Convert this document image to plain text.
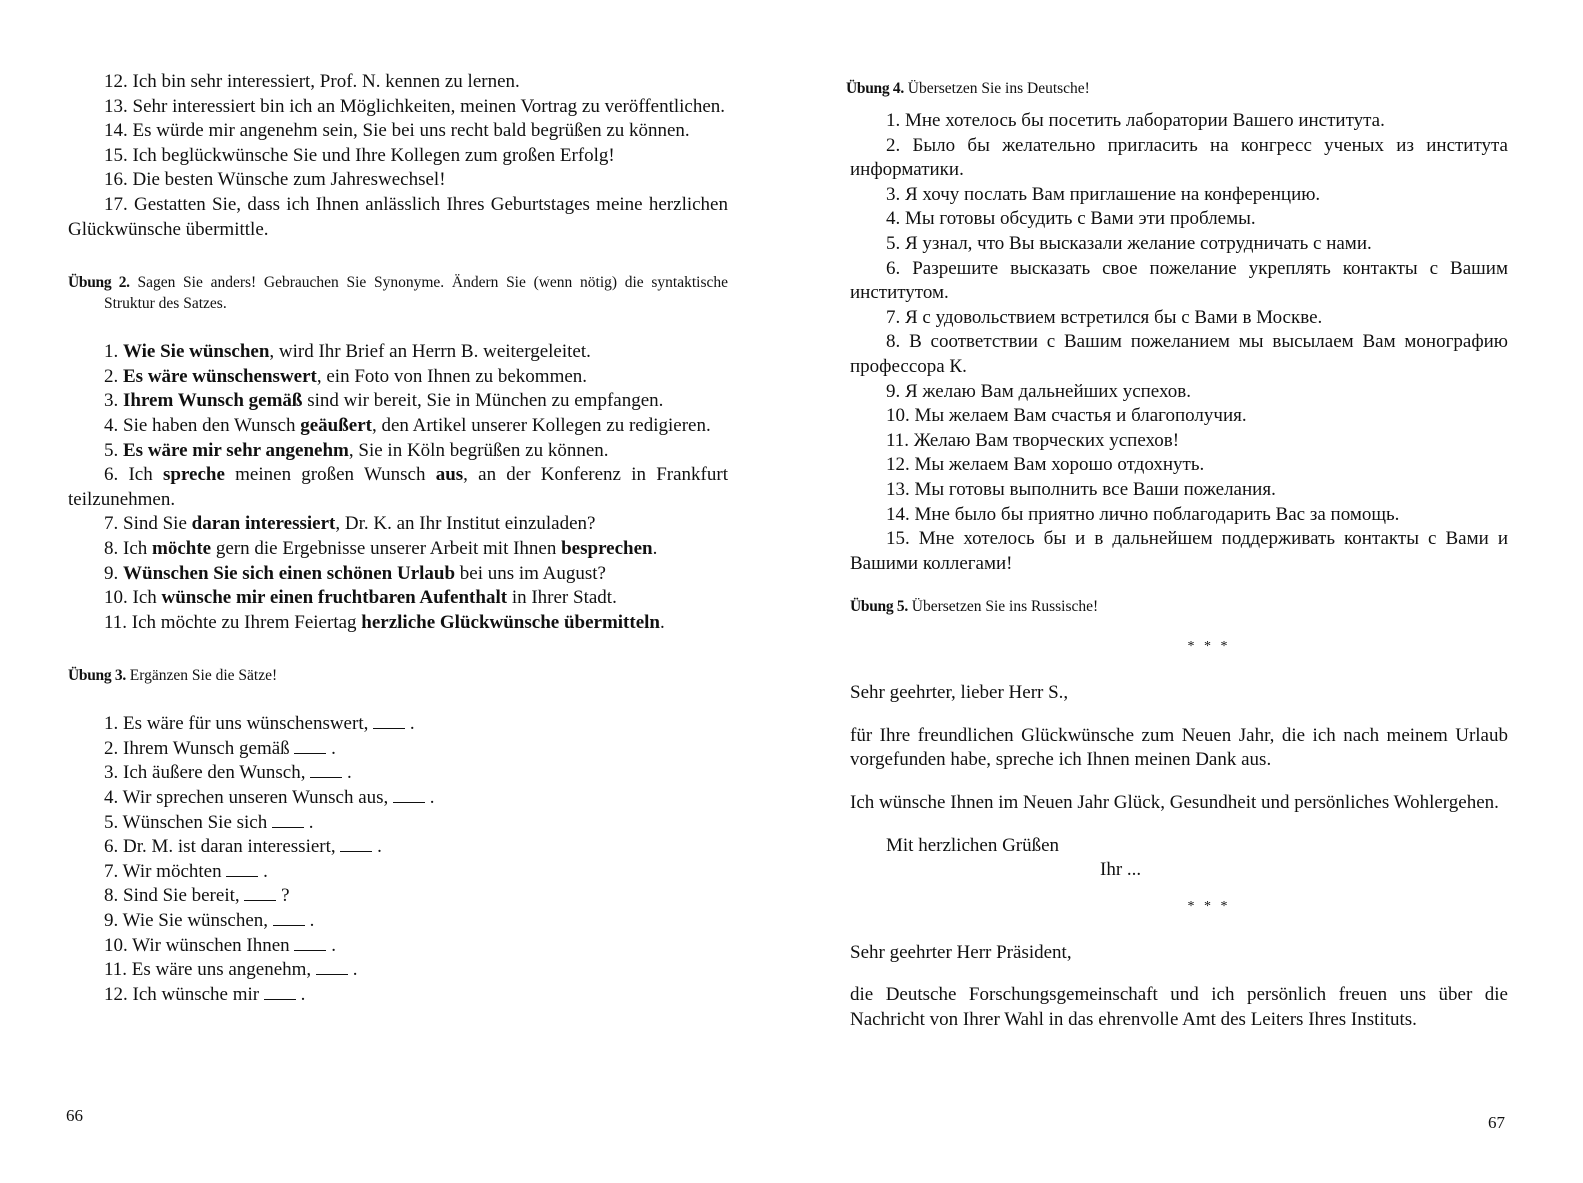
12. Ich bin sehr interessiert, Prof. N. kennen zu lernen.

13. Sehr interessiert bin ich an Möglichkeiten, meinen Vortrag zu veröffentlichen.

14. Es würde mir angenehm sein, Sie bei uns recht bald begrüßen zu können.

15. Ich beglückwünsche Sie und Ihre Kollegen zum großen Erfolg!

16. Die besten Wünsche zum Jahreswechsel!

17. Gestatten Sie, dass ich Ihnen anlässlich Ihres Geburtstages meine herzlichen Glückwünsche übermittle.

Übung 2. Sagen Sie anders! Gebrauchen Sie Synonyme. Ändern Sie (wenn nötig) die syntaktische Struktur des Satzes.

1. Wie Sie wünschen, wird Ihr Brief an Herrn B. weitergeleitet.

2. Es wäre wünschenswert, ein Foto von Ihnen zu bekommen.

3. Ihrem Wunsch gemäß sind wir bereit, Sie in München zu empfangen.

4. Sie haben den Wunsch geäußert, den Artikel unserer Kollegen zu redigieren.

5. Es wäre mir sehr angenehm, Sie in Köln begrüßen zu können.

6. Ich spreche meinen großen Wunsch aus, an der Konferenz in Frankfurt teilzunehmen.

7. Sind Sie daran interessiert, Dr. K. an Ihr Institut einzuladen?

8. Ich möchte gern die Ergebnisse unserer Arbeit mit Ihnen besprechen.

9. Wünschen Sie sich einen schönen Urlaub bei uns im August?

10. Ich wünsche mir einen fruchtbaren Aufenthalt in Ihrer Stadt.

11. Ich möchte zu Ihrem Feiertag herzliche Glückwünsche übermitteln.

Übung 3. Ergänzen Sie die Sätze!

1. Es wäre für uns wünschenswert, .

2. Ihrem Wunsch gemäß .

3. Ich äußere den Wunsch, .

4. Wir sprechen unseren Wunsch aus, .

5. Wünschen Sie sich .

6. Dr. M. ist daran interessiert, .

7. Wir möchten .

8. Sind Sie bereit, ?

9. Wie Sie wünschen, .

10. Wir wünschen Ihnen .

11. Es wäre uns angenehm, .

12. Ich wünsche mir .

66

Übung 4. Übersetzen Sie ins Deutsche!

1. Мне хотелось бы посетить лаборатории Вашего института.

2. Было бы желательно пригласить на конгресс ученых из института информатики.

3. Я хочу послать Вам приглашение на конференцию.

4. Мы готовы обсудить с Вами эти проблемы.

5. Я узнал, что Вы высказали желание сотрудничать с нами.

6. Разрешите высказать свое пожелание укреплять контакты с Вашим институтом.

7. Я с удовольствием встретился бы с Вами в Москве.

8. В соответствии с Вашим пожеланием мы высылаем Вам монографию профессора К.

9. Я желаю Вам дальнейших успехов.

10. Мы желаем Вам счастья и благополучия.

11. Желаю Вам творческих успехов!

12. Мы желаем Вам хорошо отдохнуть.

13. Мы готовы выполнить все Ваши пожелания.

14. Мне было бы приятно лично поблагодарить Вас за помощь.

15. Мне хотелось бы и в дальнейшем поддерживать контакты с Вами и Вашими коллегами!

Übung 5. Übersetzen Sie ins Russische!

* * *

Sehr geehrter, lieber Herr S.,

für Ihre freundlichen Glückwünsche zum Neuen Jahr, die ich nach meinem Urlaub vorgefunden habe, spreche ich Ihnen meinen Dank aus.

Ich wünsche Ihnen im Neuen Jahr Glück, Gesundheit und persönliches Wohlergehen.

Mit herzlichen Grüßen

Ihr ...

* * *

Sehr geehrter Herr Präsident,

die Deutsche Forschungsgemeinschaft und ich persönlich freuen uns über die Nachricht von Ihrer Wahl in das ehrenvolle Amt des Leiters Ihres Instituts.

67
